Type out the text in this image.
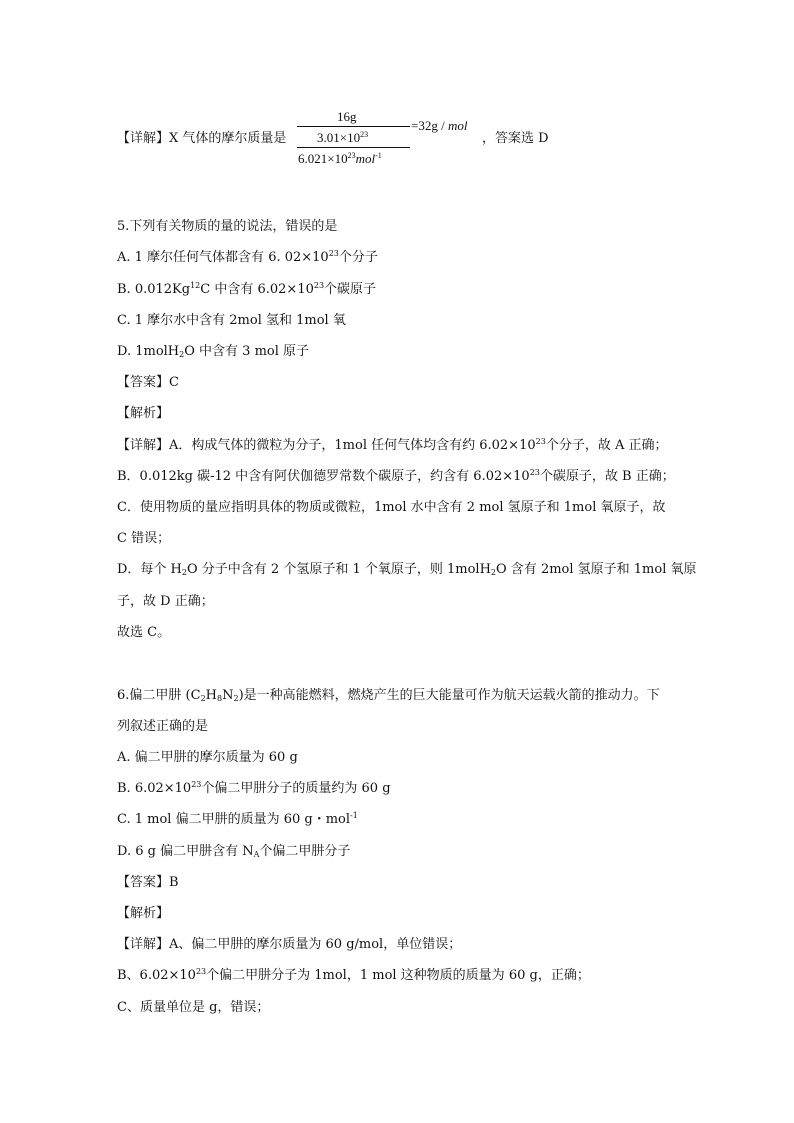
【详解】X 气体的摩尔质量是
16g
$3.01\times 10^{23}$
$6.021\times 10^{23}mol^{-1}$
=32g / mol
，答案选 D
5.下列有关物质的量的说法，错误的是
A. 1 摩尔任何气体都含有 6. $02\times 10^{23}$个分子
B. 0.012Kg$^{12}$C 中含有 $6.02\times 10^{23}$个碳原子
C. 1 摩尔水中含有 2mol 氢和 1mol 氧
D. 1molH$_2$O 中含有 3 mol 原子
【答案】C
【解析】
【详解】A．构成气体的微粒为分子，1mol 任何气体均含有约 $6.02\times 10^{23}$个分子，故 A 正确；
B．0.012kg 碳-12 中含有阿伏伽德罗常数个碳原子，约含有 $6.02\times 10^{23}$个碳原子，故 B 正确；
C．使用物质的量应指明具体的物质或微粒，1mol 水中含有 2 mol 氢原子和 1mol 氧原子，故
C 错误；
D．每个 $H_2O$ 分子中含有 2 个氢原子和 1 个氧原子，则 1molH$_2$O 含有 2mol 氢原子和 1mol 氧原
子，故 D 正确；
故选 C。
6.偏二甲肼 $(C_2H_8N_2)$是一种高能燃料，燃烧产生的巨大能量可作为航天运载火箭的推动力。下
列叙述正确的是
A. 偏二甲肼的摩尔质量为 60 g
B. $6.02\times 10^{23}$个偏二甲肼分子的质量约为 60 g
C. 1 mol 偏二甲肼的质量为 60 g・mol$^{-1}$
D. 6 g 偏二甲肼含有 $N_A$个偏二甲肼分子
【答案】B
【解析】
【详解】A、偏二甲肼的摩尔质量为 60 g/mol，单位错误；
B、$6.02\times 10^{23}$个偏二甲肼分子为 1mol，1 mol 这种物质的质量为 60 g，正确；
C、质量单位是 g，错误；
